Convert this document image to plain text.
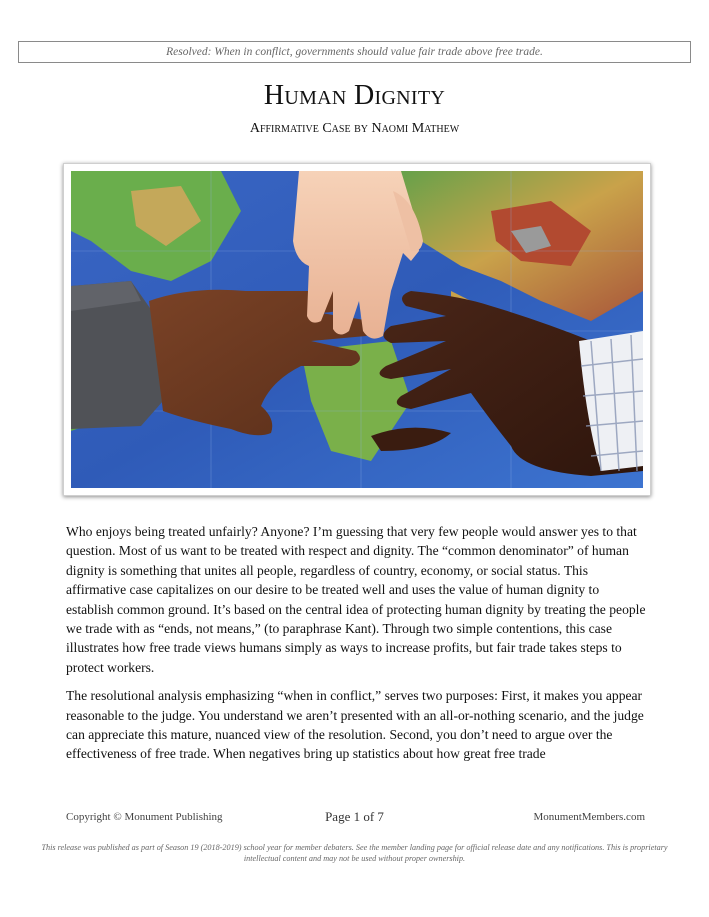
Resolved: When in conflict, governments should value fair trade above free trade.
Human Dignity
Affirmative Case by Naomi Mathew

Who enjoys being treated unfairly? Anyone? I’m guessing that very few people would answer yes to that question. Most of us want to be treated with respect and dignity. The “common denominator” of human dignity is something that unites all people, regardless of country, economy, or social status. This affirmative case capitalizes on our desire to be treated well and uses the value of human dignity to establish common ground. It’s based on the central idea of protecting human dignity by treating the people we trade with as “ends, not means,” (to paraphrase Kant). Through two simple contentions, this case illustrates how free trade views humans simply as ways to increase profits, but fair trade takes steps to protect workers.

The resolutional analysis emphasizing “when in conflict,” serves two purposes: First, it makes you appear reasonable to the judge. You understand we aren’t presented with an all-or-nothing scenario, and the judge can appreciate this mature, nuanced view of the resolution. Second, you don’t need to argue over the effectiveness of free trade. When negatives bring up statistics about how great free trade

Copyright © Monument Publishing	Page 1 of 7	MonumentMembers.com
This release was published as part of Season 19 (2018-2019) school year for member debaters. See the member landing page for official release date and any notifications. This is proprietary intellectual content and may not be used without proper ownership.
